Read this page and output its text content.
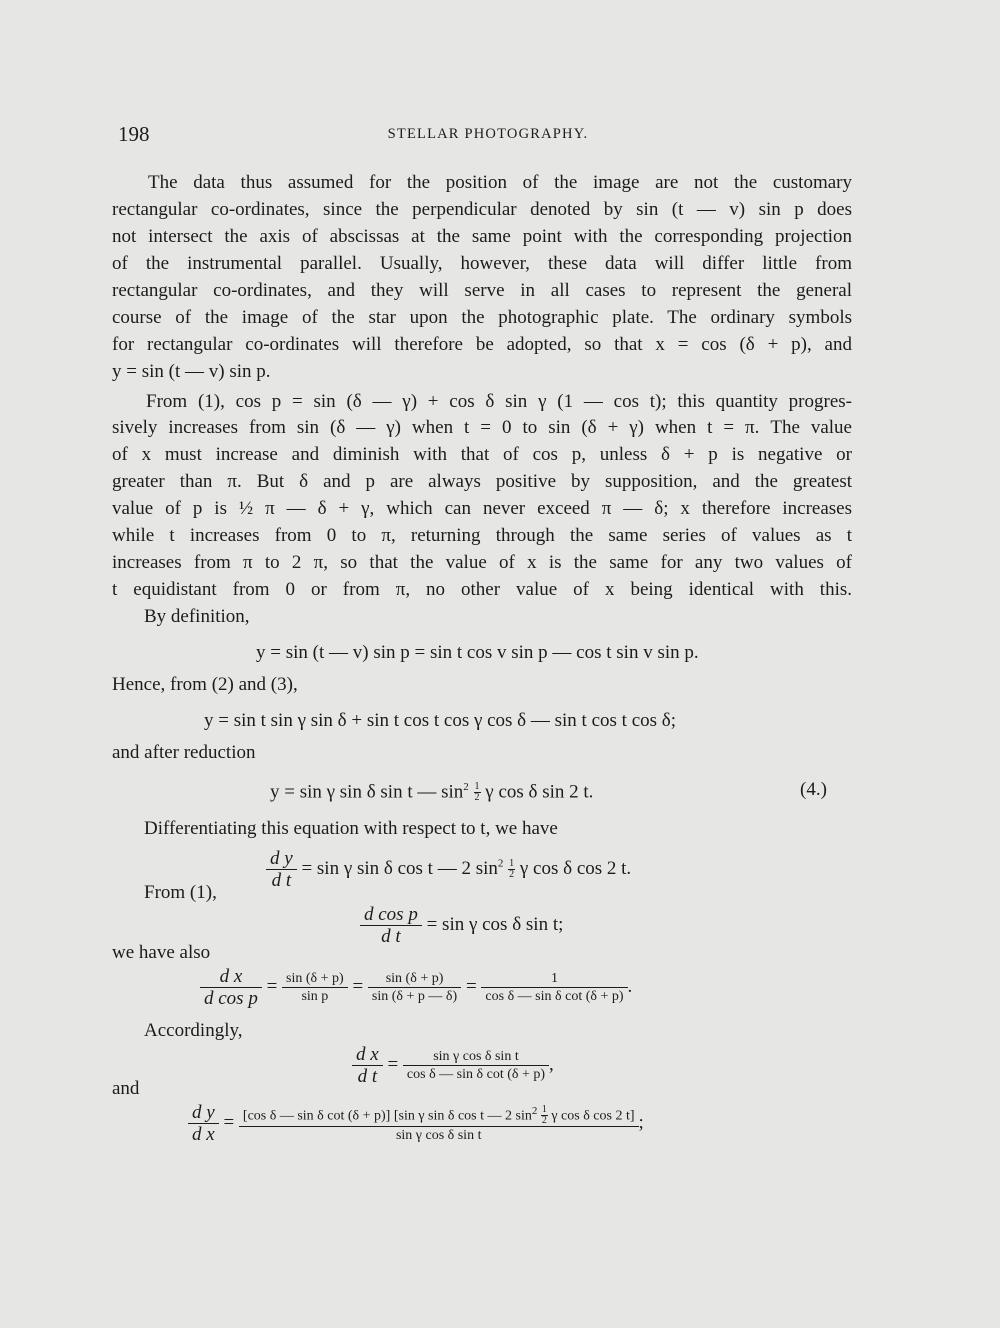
198	STELLAR PHOTOGRAPHY.
The data thus assumed for the position of the image are not the customary
rectangular co-ordinates, since the perpendicular denoted by sin (t — v) sin p does
not intersect the axis of abscissas at the same point with the corresponding projection
of the instrumental parallel. Usually, however, these data will differ little from
rectangular co-ordinates, and they will serve in all cases to represent the general
course of the image of the star upon the photographic plate. The ordinary symbols
for rectangular co-ordinates will therefore be adopted, so that x = cos (δ + p), and
y = sin (t — v) sin p.
From (1), cos p = sin (δ — γ) + cos δ sin γ (1 — cos t); this quantity progres-
sively increases from sin (δ — γ) when t = 0 to sin (δ + γ) when t = π. The value
of x must increase and diminish with that of cos p, unless δ + p is negative or
greater than π. But δ and p are always positive by supposition, and the greatest
value of p is ½ π — δ + γ, which can never exceed π — δ; x therefore increases
while t increases from 0 to π, returning through the same series of values as t
increases from π to 2 π, so that the value of x is the same for any two values of
t equidistant from 0 or from π, no other value of x being identical with this.
By definition,
y = sin (t — v) sin p = sin t cos v sin p — cos t sin v sin p.
Hence, from (2) and (3),
y = sin t sin γ sin δ + sin t cos t cos γ cos δ — sin t cos t cos δ;
and after reduction
y = sin γ sin δ sin t — $\sin^2 \frac{1}{2}$ γ cos δ sin 2 t.	(4.)
Differentiating this equation with respect to t, we have
$\frac{\text{d y}}{\text{d t}} = \sin \gamma$ sin δ cos t — 2 $\sin^2 \frac{1}{2}$ γ cos δ cos 2 t.
From (1),
$\frac{\text{d cos p}}{\text{d t}} = \sin \gamma$ cos δ sin t;
we have also
$\frac{\text{d x}}{\text{d cos p}} = \frac{\sin (\delta + p)}{\text{sin p}} = \frac{\sin (\delta + p)}{\sin (\delta + p — \delta)} = \frac{1}{\text{cos δ — sin δ cot (δ + p)}}$ .
Accordingly,
$\frac{\text{d x}}{\text{d t}} = \frac{\text{sin γ cos δ sin t}}{\text{cos δ — sin δ cot (δ + p)}}$ ,
and
$\frac{\text{d y}}{\text{d x}} = [\cos$ δ — sin δ cot (δ + p)] [sin γ sin δ cos t — 2 $\sin^2 \frac{1}{2}$ γ cos δ cos 2 t]
sin γ cos δ sin t
;
